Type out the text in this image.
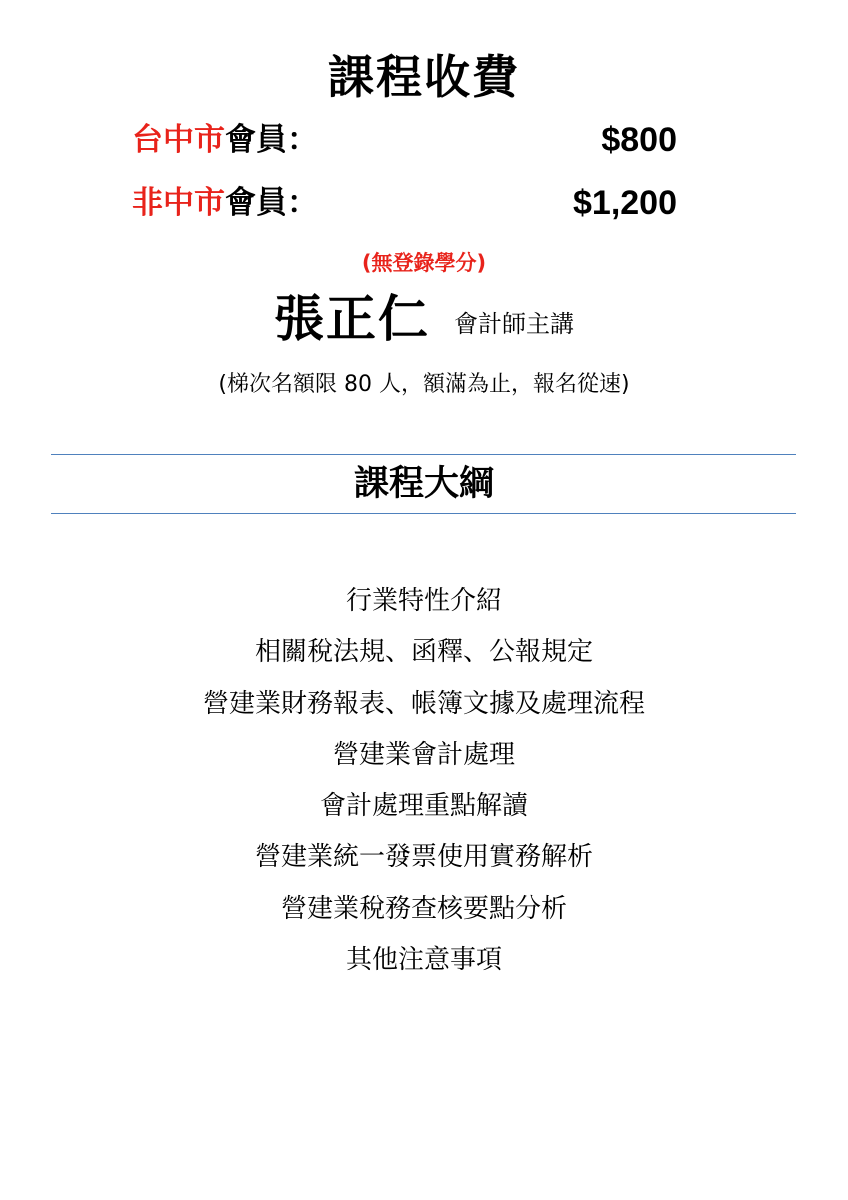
課程收費
台中市會員：	$800
非中市會員：	$1,200
(無登錄學分)
張正仁 會計師主講
(梯次名額限 80 人，額滿為止，報名從速)
課程大綱
行業特性介紹
相關稅法規、函釋、公報規定
營建業財務報表、帳簿文據及處理流程
營建業會計處理
會計處理重點解讀
營建業統一發票使用實務解析
營建業稅務查核要點分析
其他注意事項
